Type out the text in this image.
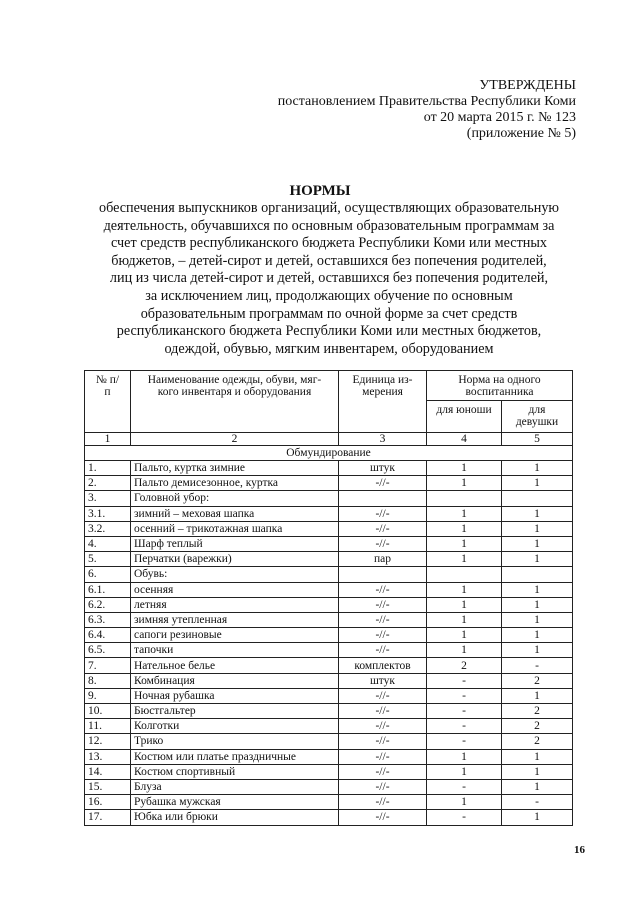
УТВЕРЖДЕНЫ
постановлением Правительства Республики Коми
от 20 марта 2015 г. № 123
(приложение № 5)
НОРМЫ
обеспечения выпускников организаций, осуществляющих образовательную
деятельность, обучавшихся по основным образовательным программам за
счет средств республиканского бюджета Республики Коми или местных
бюджетов, – детей-сирот и детей, оставшихся без попечения родителей,
лиц из числа детей-сирот и детей, оставшихся без попечения родителей,
за исключением лиц, продолжающих обучение по основным
образовательным программам по очной форме за счет средств
республиканского бюджета Республики Коми или местных бюджетов,
одеждой, обувью, мягким инвентарем, оборудованием
№ п/п	Наименование одежды, обуви, мяг- кого инвентаря и оборудования	Единица из- мерения	Норма на одного воспитанника	
			для юноши	для девушки
1	2	3	4	5
Обмундирование				
1.	Пальто, куртка зимние	штук	1	1
2.	Пальто демисезонное, куртка	-//-	1	1
3.	Головной убор:			
3.1.	зимний – меховая шапка	-//-	1	1
3.2.	осенний – трикотажная шапка	-//-	1	1
4.	Шарф теплый	-//-	1	1
5.	Перчатки (варежки)	пар	1	1
6.	Обувь:			
6.1.	осенняя	-//-	1	1
6.2.	летняя	-//-	1	1
6.3.	зимняя утепленная	-//-	1	1
6.4.	сапоги резиновые	-//-	1	1
6.5.	тапочки	-//-	1	1
7.	Нательное белье	комплектов	2	-
8.	Комбинация	штук	-	2
9.	Ночная рубашка	-//-	-	1
10.	Бюстгальтер	-//-	-	2
11.	Колготки	-//-	-	2
12.	Трико	-//-	-	2
13.	Костюм или платье праздничные	-//-	1	1
14.	Костюм спортивный	-//-	1	1
15.	Блуза	-//-	-	1
16.	Рубашка мужская	-//-	1	-
17.	Юбка или брюки	-//-	-	1
16
